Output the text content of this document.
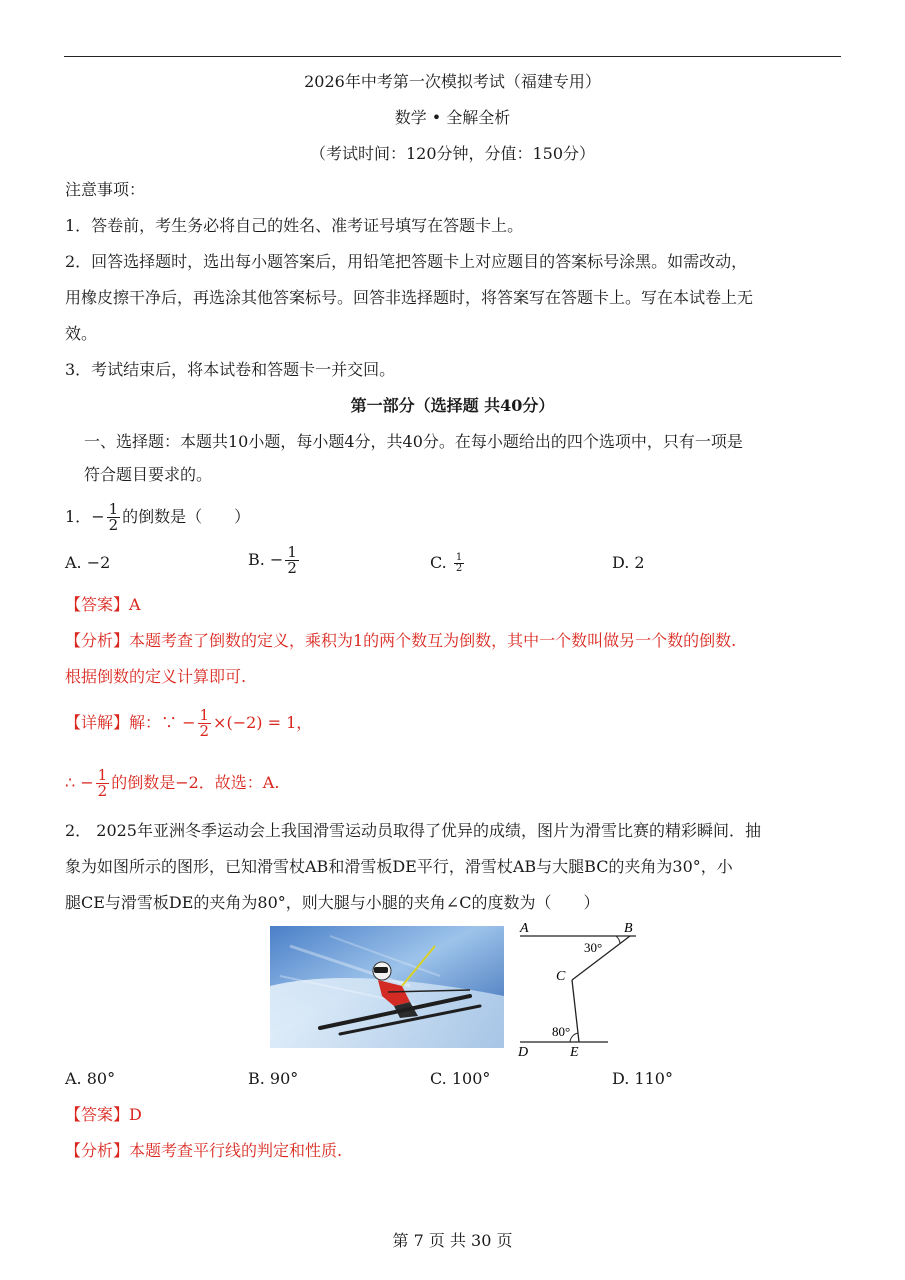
2026年中考第一次模拟考试（福建专用）
数学 • 全解全析
（考试时间：120分钟，分值：150分）
注意事项：
1．答卷前，考生务必将自己的姓名、准考证号填写在答题卡上。
2．回答选择题时，选出每小题答案后，用铅笔把答题卡上对应题目的答案标号涂黑。如需改动，
用橡皮擦干净后，再选涂其他答案标号。回答非选择题时，将答案写在答题卡上。写在本试卷上无
效。
3．考试结束后，将本试卷和答题卡一并交回。
第一部分（选择题 共40分）
一、选择题：本题共10小题，每小题4分，共40分。在每小题给出的四个选项中，只有一项是
符合题目要求的。
1．− $\frac{1}{2}$ 的倒数是（　　）
A. −2	B. − $\frac{1}{2}$	C. $\frac{1}{2}$	D. 2
【答案】A
【分析】本题考查了倒数的定义，乘积为1的两个数互为倒数，其中一个数叫做另一个数的倒数.
根据倒数的定义计算即可.
【详解】解：∵ − $\frac{1}{2} \times(-2) = 1$，
∴ − $\frac{1}{2}$ 的倒数是−2．故选：A.
2． 2025年亚洲冬季运动会上我国滑雪运动员取得了优异的成绩，图片为滑雪比赛的精彩瞬间．抽
象为如图所示的图形，已知滑雪杖AB和滑雪板DE平行，滑雪杖AB与大腿BC的夹角为30°，小
腿CE与滑雪板DE的夹角为80°，则大腿与小腿的夹角∠C的度数为（　　）
A	B
30°
C
80°
D	E
A. 80°	B. 90°	C. 100°	D. 110°
【答案】D
【分析】本题考查平行线的判定和性质.
第 7 页 共 30 页
